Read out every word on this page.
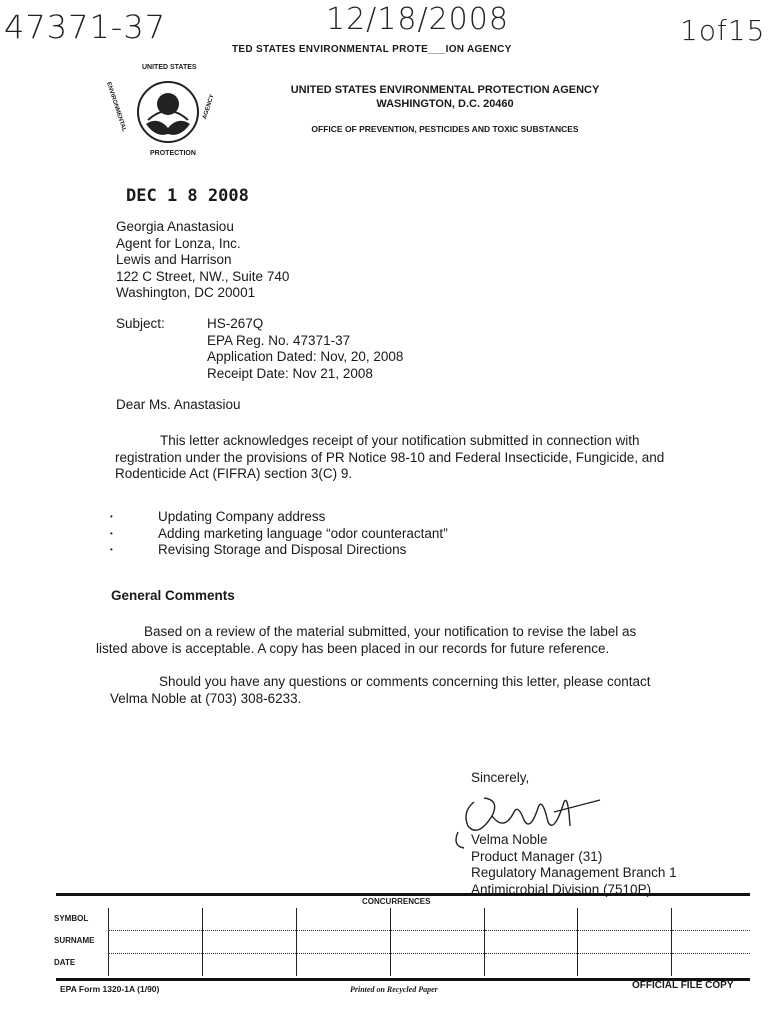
47371-37	12/18/2008	1of15
TED STATES ENVIRONMENTAL PROTE___ION AGENCY
UNITED STATES
PROTECTION
ENVIRONMENTAL	AGENCY
UNITED STATES ENVIRONMENTAL PROTECTION AGENCY
WASHINGTON, D.C. 20460
OFFICE OF PREVENTION, PESTICIDES AND TOXIC SUBSTANCES
DEC 1 8 2008
Georgia Anastasiou
Agent for Lonza, Inc.
Lewis and Harrison
122 C Street, NW., Suite 740
Washington, DC 20001
Subject:	HS-267Q
EPA Reg. No. 47371-37
Application Dated: Nov, 20, 2008
Receipt Date: Nov 21, 2008
Dear Ms. Anastasiou
This letter acknowledges receipt of your notification submitted in connection with
registration under the provisions of PR Notice 98-10 and Federal Insecticide, Fungicide, and
Rodenticide Act (FIFRA) section 3(C) 9.
•	Updating Company address
•	Adding marketing language “odor counteractant”
•	Revising Storage and Disposal Directions
General Comments
Based on a review of the material submitted, your notification to revise the label as
listed above is acceptable. A copy has been placed in our records for future reference.
Should you have any questions or comments concerning this letter, please contact
Velma Noble at (703) 308-6233.
Sincerely,
Velma Noble
Product Manager (31)
Regulatory Management Branch 1
Antimicrobial Division (7510P)
CONCURRENCES
SYMBOL
SURNAME
DATE

EPA Form 1320-1A (1/90)	Printed on Recycled Paper	OFFICIAL FILE COPY
